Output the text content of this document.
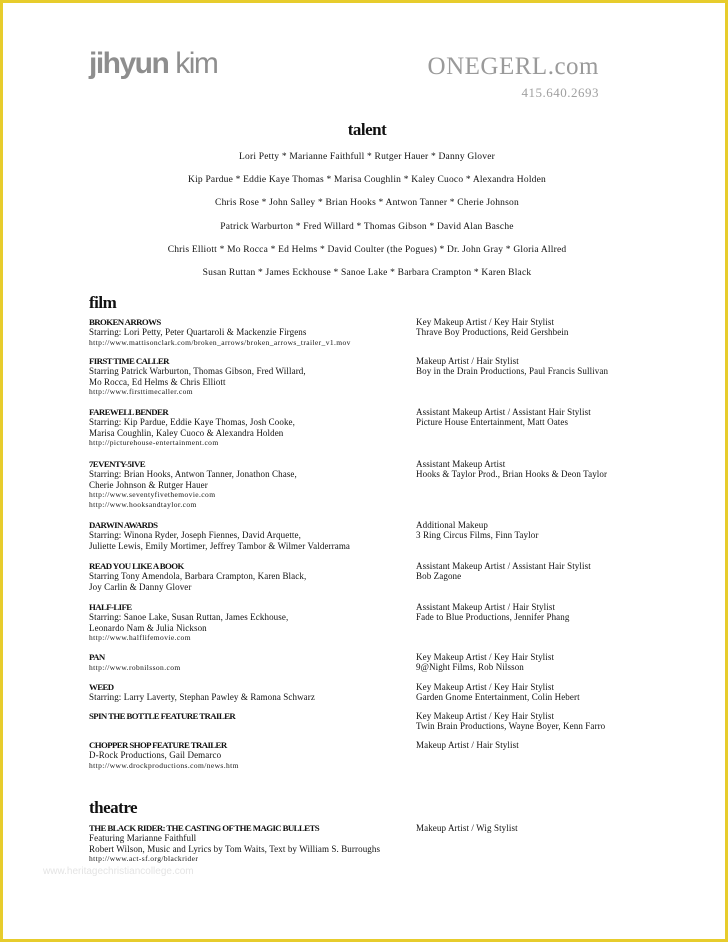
jihyun kim	ONEGERL.com
415.640.2693
talent
Lori Petty * Marianne Faithfull * Rutger Hauer * Danny Glover
Kip Pardue * Eddie Kaye Thomas * Marisa Coughlin * Kaley Cuoco * Alexandra Holden
Chris Rose * John Salley * Brian Hooks * Antwon Tanner * Cherie Johnson
Patrick Warburton * Fred Willard * Thomas Gibson * David Alan Basche
Chris Elliott * Mo Rocca * Ed Helms * David Coulter (the Pogues) * Dr. John Gray * Gloria Allred
Susan Ruttan * James Eckhouse * Sanoe Lake * Barbara Crampton * Karen Black
film
BROKEN ARROWS
Starring: Lori Petty, Peter Quartaroli & Mackenzie Firgens
http://www.mattisonclark.com/broken_arrows/broken_arrows_trailer_v1.mov
Key Makeup Artist / Key Hair Stylist
Thrave Boy Productions, Reid Gershbein
FIRST TIME CALLER
Starring Patrick Warburton, Thomas Gibson, Fred Willard,
Mo Rocca, Ed Helms & Chris Elliott
http://www.firsttimecaller.com
Makeup Artist / Hair Stylist
Boy in the Drain Productions, Paul Francis Sullivan
FAREWELL BENDER
Starring: Kip Pardue, Eddie Kaye Thomas, Josh Cooke,
Marisa Coughlin, Kaley Cuoco & Alexandra Holden
http://picturehouse-entertainment.com
Assistant Makeup Artist / Assistant Hair Stylist
Picture House Entertainment, Matt Oates
7EVENTY-5IVE
Starring: Brian Hooks, Antwon Tanner, Jonathon Chase,
Cherie Johnson & Rutger Hauer
http://www.seventyfivethemovie.com
http://www.hooksandtaylor.com
Assistant Makeup Artist
Hooks & Taylor Prod., Brian Hooks & Deon Taylor
DARWIN AWARDS
Starring: Winona Ryder, Joseph Fiennes, David Arquette,
Juliette Lewis, Emily Mortimer, Jeffrey Tambor & Wilmer Valderrama
Additional Makeup
3 Ring Circus Films, Finn Taylor
READ YOU LIKE A BOOK
Starring Tony Amendola, Barbara Crampton, Karen Black,
Joy Carlin & Danny Glover
Assistant Makeup Artist / Assistant Hair Stylist
Bob Zagone
HALF-LIFE
Starring: Sanoe Lake, Susan Ruttan, James Eckhouse,
Leonardo Nam & Julia Nickson
http://www.halflifemovie.com
Assistant Makeup Artist / Hair Stylist
Fade to Blue Productions, Jennifer Phang
PAN
http://www.robnilsson.com
Key Makeup Artist / Key Hair Stylist
9@Night Films, Rob Nilsson
WEED
Starring: Larry Laverty, Stephan Pawley & Ramona Schwarz
Key Makeup Artist / Key Hair Stylist
Garden Gnome Entertainment, Colin Hebert
SPIN THE BOTTLE FEATURE TRAILER	Key Makeup Artist / Key Hair Stylist
Twin Brain Productions, Wayne Boyer, Kenn Farro
CHOPPER SHOP FEATURE TRAILER
D-Rock Productions, Gail Demarco
http://www.drockproductions.com/news.htm
Makeup Artist / Hair Stylist
theatre
THE BLACK RIDER: THE CASTING OF THE MAGIC BULLETS
Featuring Marianne Faithfull
Robert Wilson, Music and Lyrics by Tom Waits, Text by William S. Burroughs
http://www.act-sf.org/blackrider
Makeup Artist / Wig Stylist
www.heritagechristiancollege.com
